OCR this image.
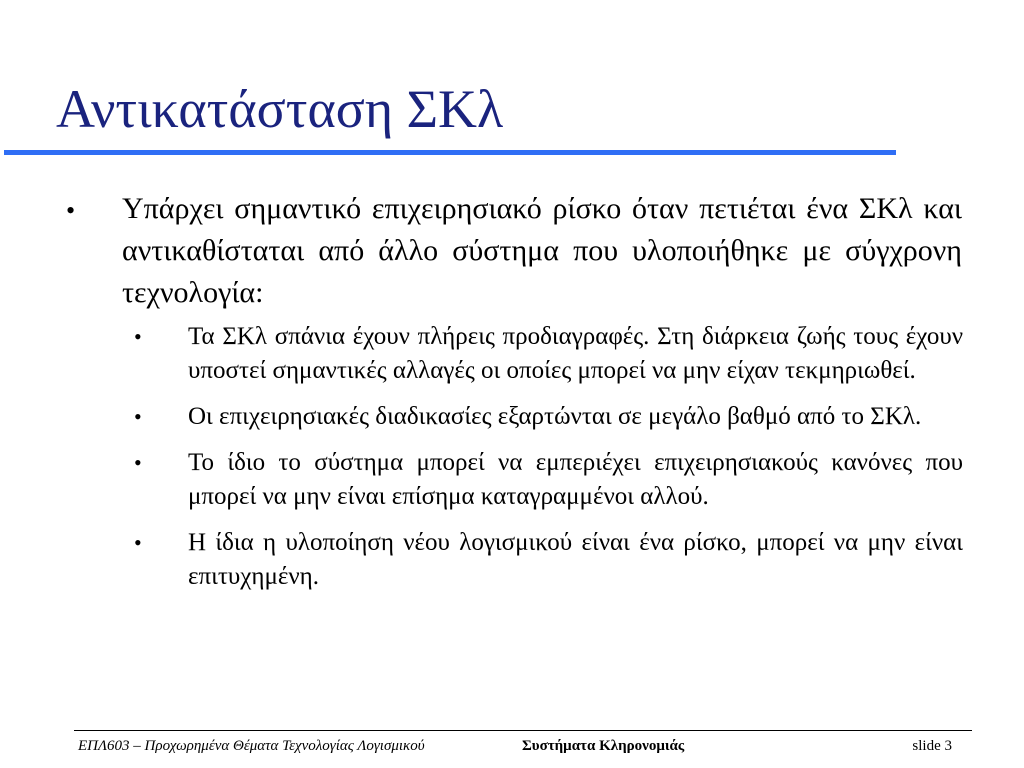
Αντικατάσταση ΣΚλ
• Υπάρχει σημαντικό επιχειρησιακό ρίσκο όταν πετιέται ένα ΣΚλ και αντικαθίσταται από άλλο σύστημα που υλοποιήθηκε με σύγχρονη τεχνολογία:
• Τα ΣΚλ σπάνια έχουν πλήρεις προδιαγραφές. Στη διάρκεια ζωής τους έχουν υποστεί σημαντικές αλλαγές οι οποίες μπορεί να μην είχαν τεκμηριωθεί.
• Οι επιχειρησιακές διαδικασίες εξαρτώνται σε μεγάλο βαθμό από το ΣΚλ.
• Το ίδιο το σύστημα μπορεί να εμπεριέχει επιχειρησιακούς κανόνες που μπορεί να μην είναι επίσημα καταγραμμένοι αλλού.
• Η ίδια η υλοποίηση νέου λογισμικού είναι ένα ρίσκο, μπορεί να μην είναι επιτυχημένη.
ΕΠΛ603 – Προχωρημένα Θέματα Τεχνολογίας Λογισμικού	Συστήματα Κληρονομιάς	slide 3
